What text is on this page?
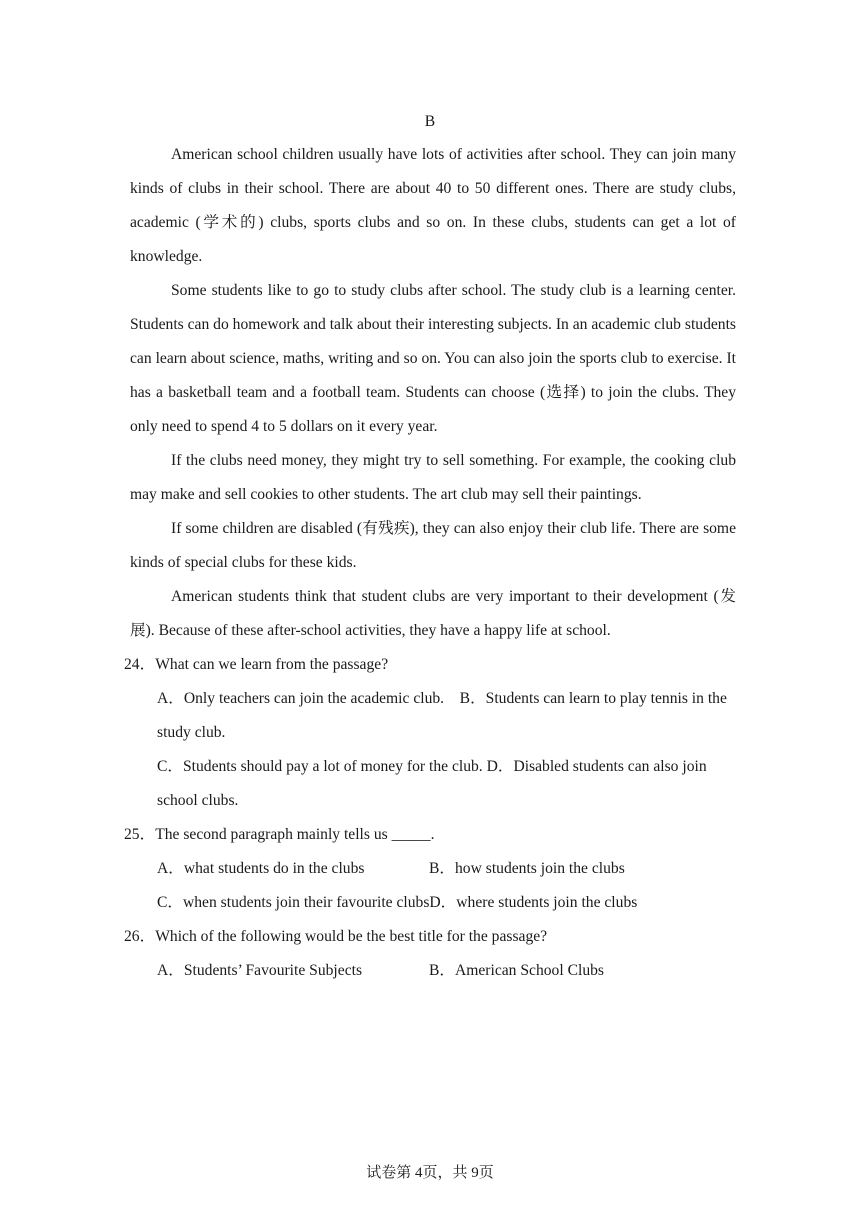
B

American school children usually have lots of activities after school. They can join many kinds of clubs in their school. There are about 40 to 50 different ones. There are study clubs, academic (学术的) clubs, sports clubs and so on. In these clubs, students can get a lot of knowledge.

Some students like to go to study clubs after school. The study club is a learning center. Students can do homework and talk about their interesting subjects. In an academic club students can learn about science, maths, writing and so on. You can also join the sports club to exercise. It has a basketball team and a football team. Students can choose (选择) to join the clubs. They only need to spend 4 to 5 dollars on it every year.

If the clubs need money, they might try to sell something. For example, the cooking club may make and sell cookies to other students. The art club may sell their paintings.

If some children are disabled (有残疾), they can also enjoy their club life. There are some kinds of special clubs for these kids.

American students think that student clubs are very important to their development (发展). Because of these after-school activities, they have a happy life at school.

24．What can we learn from the passage?
A．Only teachers can join the academic club. B．Students can learn to play tennis in the study club.
C．Students should pay a lot of money for the club. D．Disabled students can also join school clubs.
25．The second paragraph mainly tells us _____.
A．what students do in the clubs	B．how students join the clubs
C．when students join their favourite clubsD．where students join the clubs
26．Which of the following would be the best title for the passage?
A．Students’ Favourite Subjects	B．American School Clubs
试卷第 4页，共 9页
